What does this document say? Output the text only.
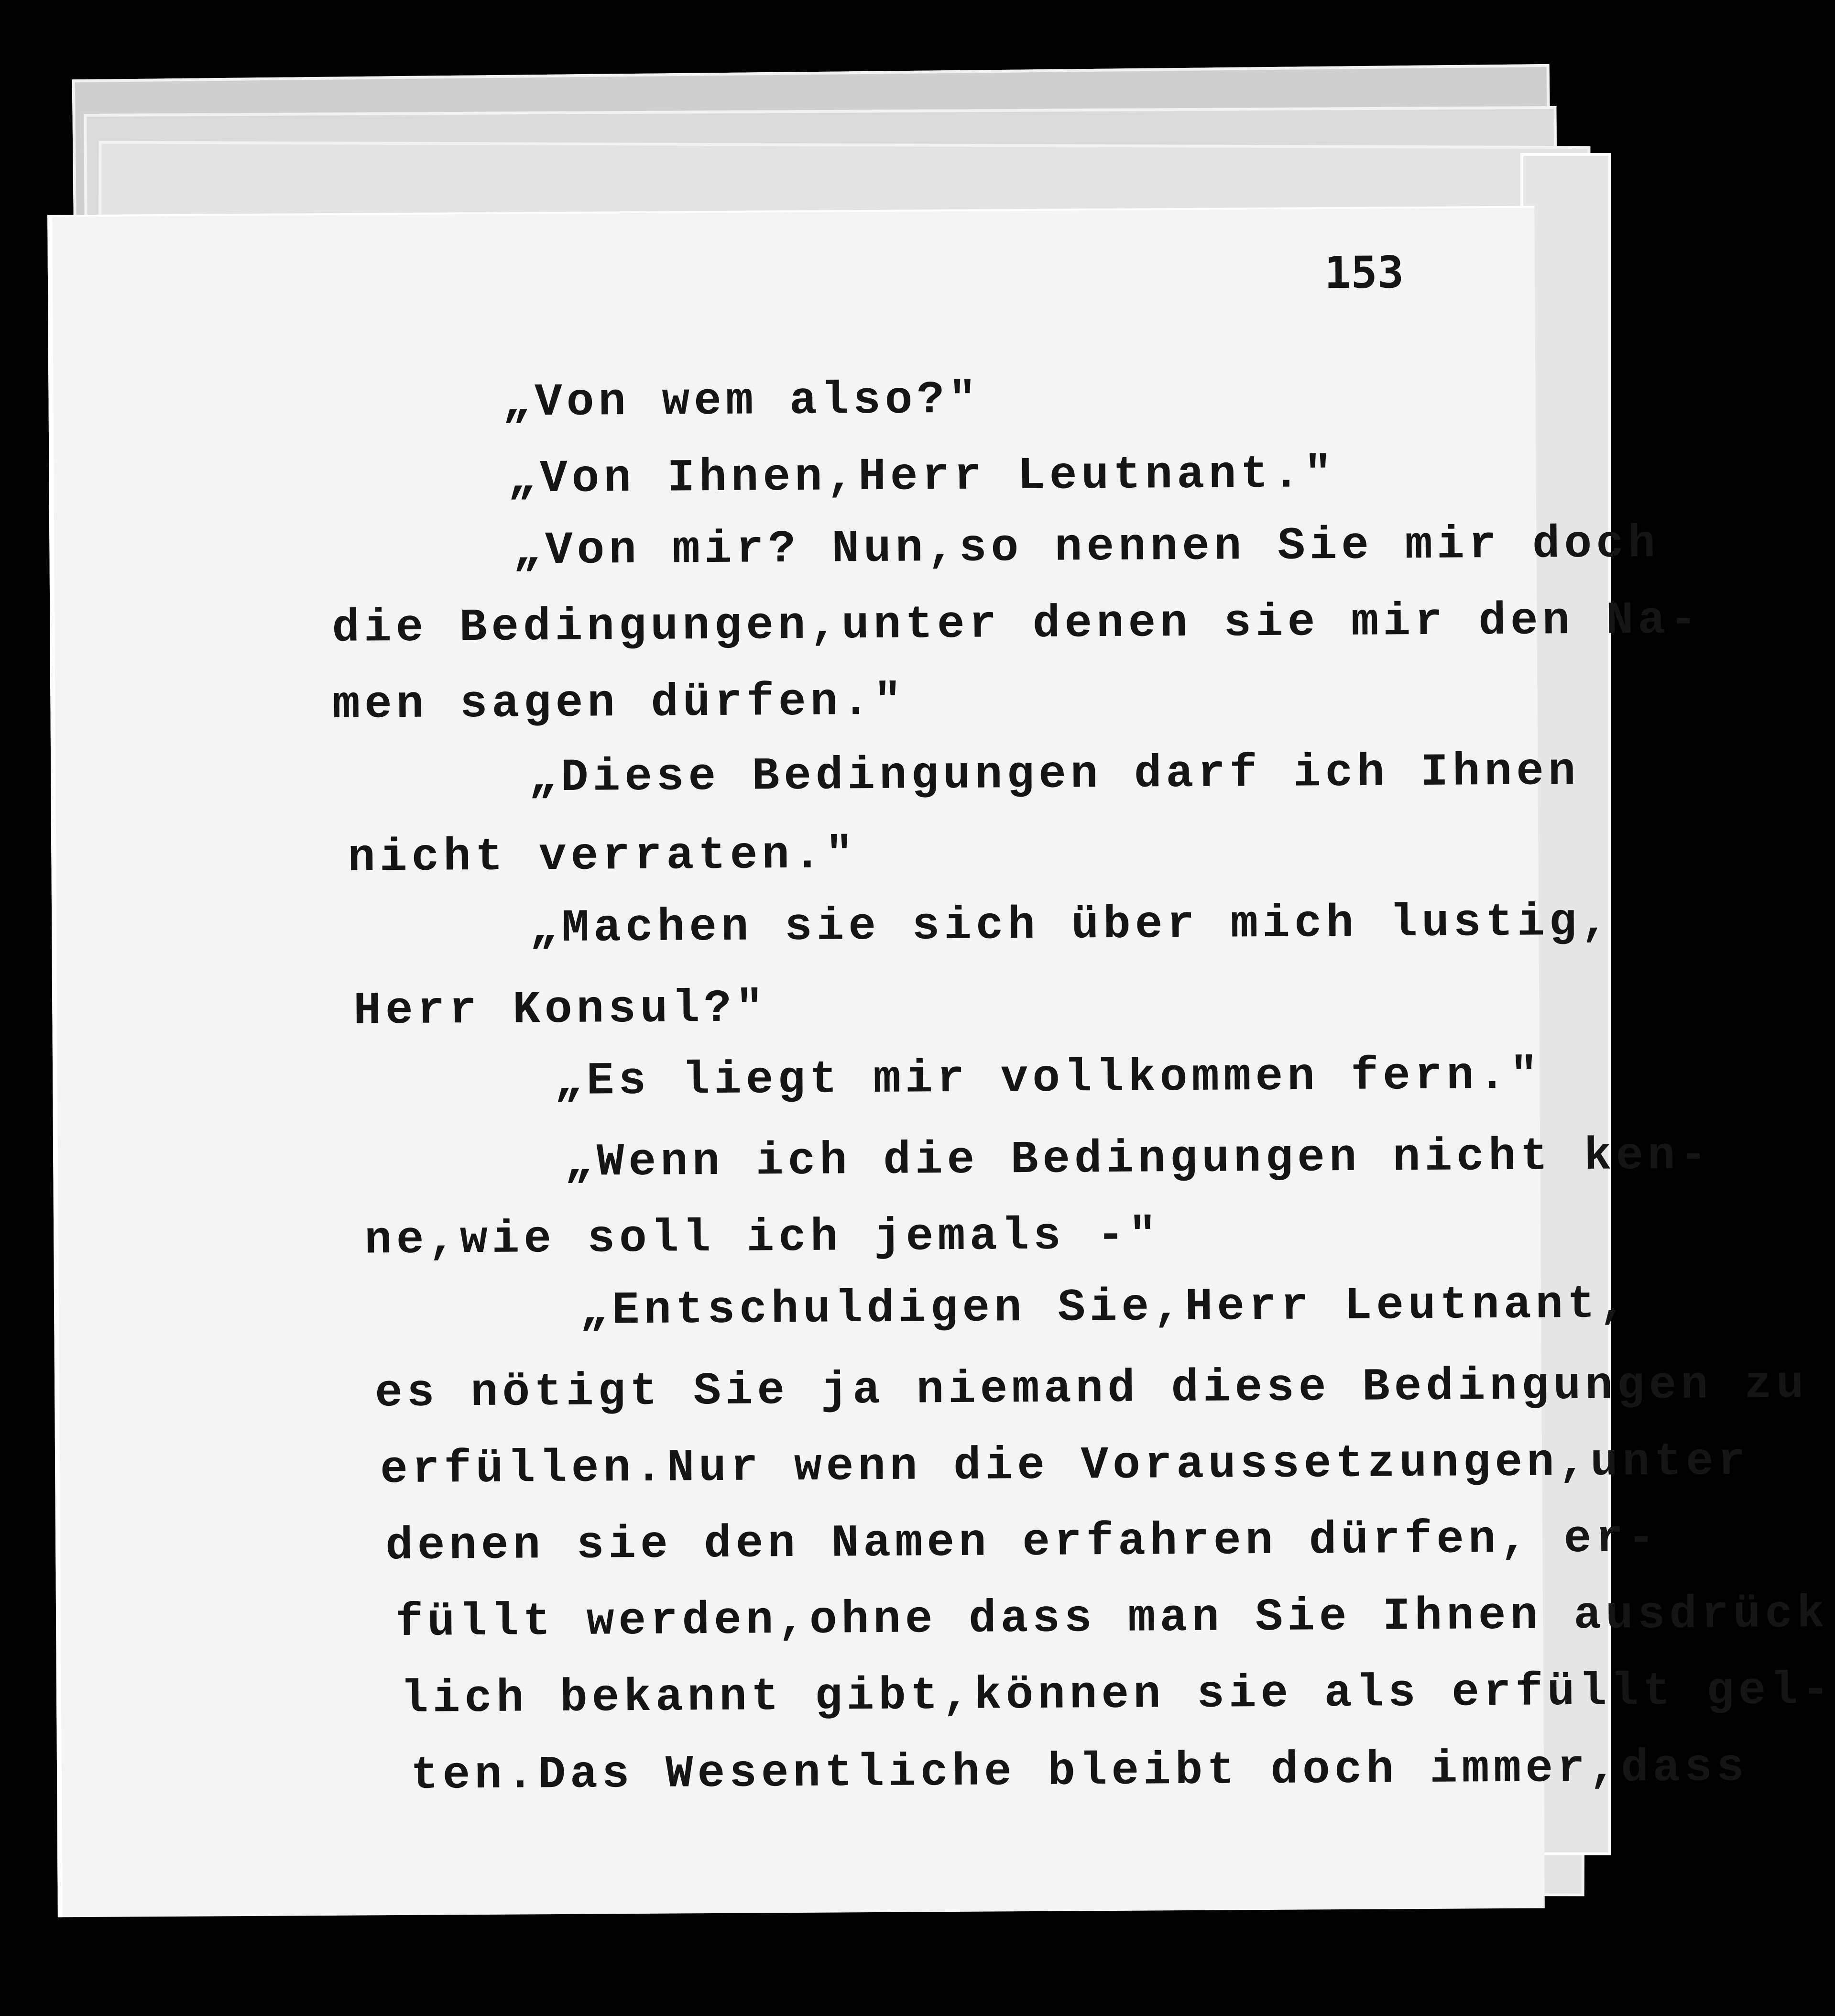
153
„Von wem also?"
„Von Ihnen,Herr Leutnant."
„Von mir? Nun,so nennen Sie mir doch
die Bedingungen,unter denen sie mir den Na-
men sagen dürfen."
„Diese Bedingungen darf ich Ihnen
nicht verraten."
„Machen sie sich über mich lustig,
Herr Konsul?"
„Es liegt mir vollkommen fern."
„Wenn ich die Bedingungen nicht ken-
ne,wie soll ich jemals -"
„Entschuldigen Sie,Herr Leutnant,
es nötigt Sie ja niemand diese Bedingungen zu
erfüllen.Nur wenn die Voraussetzungen,unter
denen sie den Namen erfahren dürfen, er-
füllt werden,ohne dass man Sie Ihnen ausdrück
lich bekannt gibt,können sie als erfüllt gel-
ten.Das Wesentliche bleibt doch immer,dass
